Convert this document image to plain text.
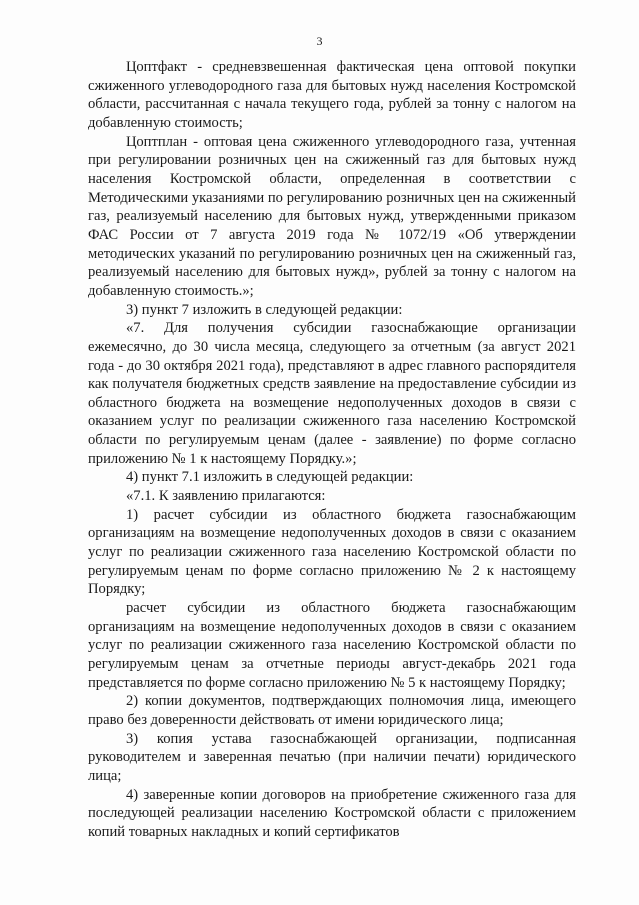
3

Цоптфакт - средневзвешенная фактическая цена оптовой покупки сжиженного углеводородного газа для бытовых нужд населения Костромской области, рассчитанная с начала текущего года, рублей за тонну с налогом на добавленную стоимость;

Цоптплан - оптовая цена сжиженного углеводородного газа, учтенная при регулировании розничных цен на сжиженный газ для бытовых нужд населения Костромской области, определенная в соответствии с Методическими указаниями по регулированию розничных цен на сжиженный газ, реализуемый населению для бытовых нужд, утвержденными приказом ФАС России от 7 августа 2019 года № 1072/19 «Об утверждении методических указаний по регулированию розничных цен на сжиженный газ, реализуемый населению для бытовых нужд», рублей за тонну с налогом на добавленную стоимость.»;

3) пункт 7 изложить в следующей редакции:

«7. Для получения субсидии газоснабжающие организации ежемесячно, до 30 числа месяца, следующего за отчетным (за август 2021 года - до 30 октября 2021 года), представляют в адрес главного распорядителя как получателя бюджетных средств заявление на предоставление субсидии из областного бюджета на возмещение недополученных доходов в связи с оказанием услуг по реализации сжиженного газа населению Костромской области по регулируемым ценам (далее - заявление) по форме согласно приложению № 1 к настоящему Порядку.»;

4) пункт 7.1 изложить в следующей редакции:

«7.1. К заявлению прилагаются:

1) расчет субсидии из областного бюджета газоснабжающим организациям на возмещение недополученных доходов в связи с оказанием услуг по реализации сжиженного газа населению Костромской области по регулируемым ценам по форме согласно приложению № 2 к настоящему Порядку;

расчет субсидии из областного бюджета газоснабжающим организациям на возмещение недополученных доходов в связи с оказанием услуг по реализации сжиженного газа населению Костромской области по регулируемым ценам за отчетные периоды август-декабрь 2021 года представляется по форме согласно приложению № 5 к настоящему Порядку;

2) копии документов, подтверждающих полномочия лица, имеющего право без доверенности действовать от имени юридического лица;

3) копия устава газоснабжающей организации, подписанная руководителем и заверенная печатью (при наличии печати) юридического лица;

4) заверенные копии договоров на приобретение сжиженного газа для последующей реализации населению Костромской области с приложением копий товарных накладных и копий сертификатов
